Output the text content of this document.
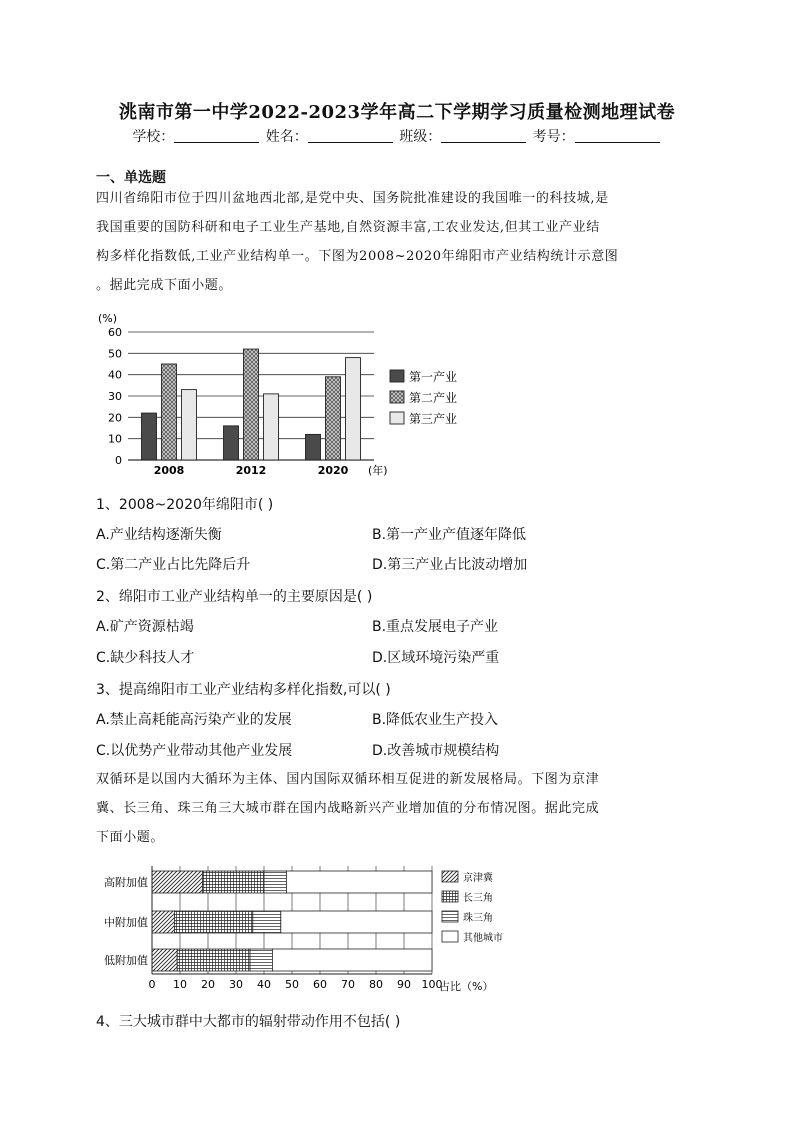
洮南市第一中学2022-2023学年高二下学期学习质量检测地理试卷
学校：	姓名：	班级：	考号：
一、单选题
四川省绵阳市位于四川盆地西北部,是党中央、国务院批准建设的我国唯一的科技城,是
我国重要的国防科研和电子工业生产基地,自然资源丰富,工农业发达,但其工业产业结
构多样化指数低,工业产业结构单一。下图为2008~2020年绵阳市产业结构统计示意图
。据此完成下面小题。
0
10
20
30
40
50
60
2008	2012	2020 (年)
第一产业
第二产业
第三产业
(%)
1、2008~2020年绵阳市( )
A.产业结构逐渐失衡	B.第一产业产值逐年降低
C.第二产业占比先降后升	D.第三产业占比波动增加
2、绵阳市工业产业结构单一的主要原因是( )
A.矿产资源枯竭	B.重点发展电子产业
C.缺少科技人才	D.区域环境污染严重
3、提高绵阳市工业产业结构多样化指数,可以( )
A.禁止高耗能高污染产业的发展	B.降低农业生产投入
C.以优势产业带动其他产业发展	D.改善城市规模结构
双循环是以国内大循环为主体、国内国际双循环相互促进的新发展格局。下图为京津
冀、长三角、珠三角三大城市群在国内战略新兴产业增加值的分布情况图。据此完成
下面小题。
0 10 20 30 40 50 60 70 80 90 100
高附加值
中附加值
低附加值
京津冀
长三角
珠三角
其他城市
占比（%）
4、三大城市群中大都市的辐射带动作用不包括( )
